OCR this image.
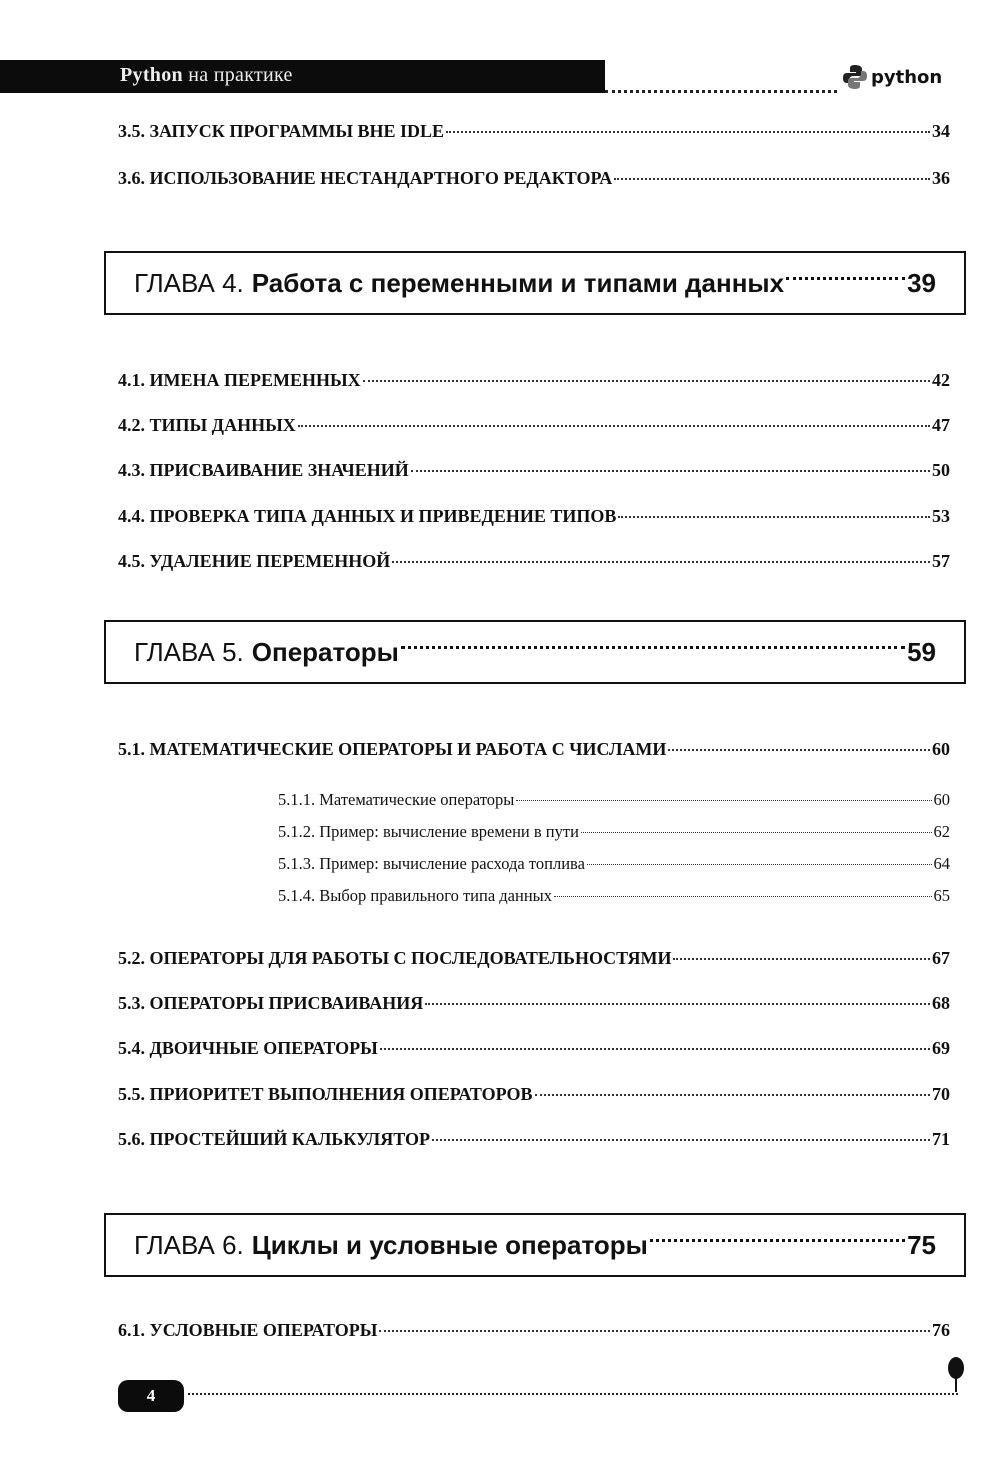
Python на практике	python
3.5. ЗАПУСК ПРОГРАММЫ ВНЕ IDLE	34
3.6. ИСПОЛЬЗОВАНИЕ НЕСТАНДАРТНОГО РЕДАКТОРА	36
ГЛАВА 4. Работа с переменными и типами данных	39
4.1. ИМЕНА ПЕРЕМЕННЫХ	42
4.2. ТИПЫ ДАННЫХ	47
4.3. ПРИСВАИВАНИЕ ЗНАЧЕНИЙ	50
4.4. ПРОВЕРКА ТИПА ДАННЫХ И ПРИВЕДЕНИЕ ТИПОВ	53
4.5. УДАЛЕНИЕ ПЕРЕМЕННОЙ	57
ГЛАВА 5. Операторы	59
5.1. МАТЕМАТИЧЕСКИЕ ОПЕРАТОРЫ И РАБОТА С ЧИСЛАМИ	60
5.1.1. Математические операторы	60
5.1.2. Пример: вычисление времени в пути	62
5.1.3. Пример: вычисление расхода топлива	64
5.1.4. Выбор правильного типа данных	65
5.2. ОПЕРАТОРЫ ДЛЯ РАБОТЫ С ПОСЛЕДОВАТЕЛЬНОСТЯМИ	67
5.3. ОПЕРАТОРЫ ПРИСВАИВАНИЯ	68
5.4. ДВОИЧНЫЕ ОПЕРАТОРЫ	69
5.5. ПРИОРИТЕТ ВЫПОЛНЕНИЯ ОПЕРАТОРОВ	70
5.6. ПРОСТЕЙШИЙ КАЛЬКУЛЯТОР	71
ГЛАВА 6. Циклы и условные операторы	75
6.1. УСЛОВНЫЕ ОПЕРАТОРЫ	76
4
